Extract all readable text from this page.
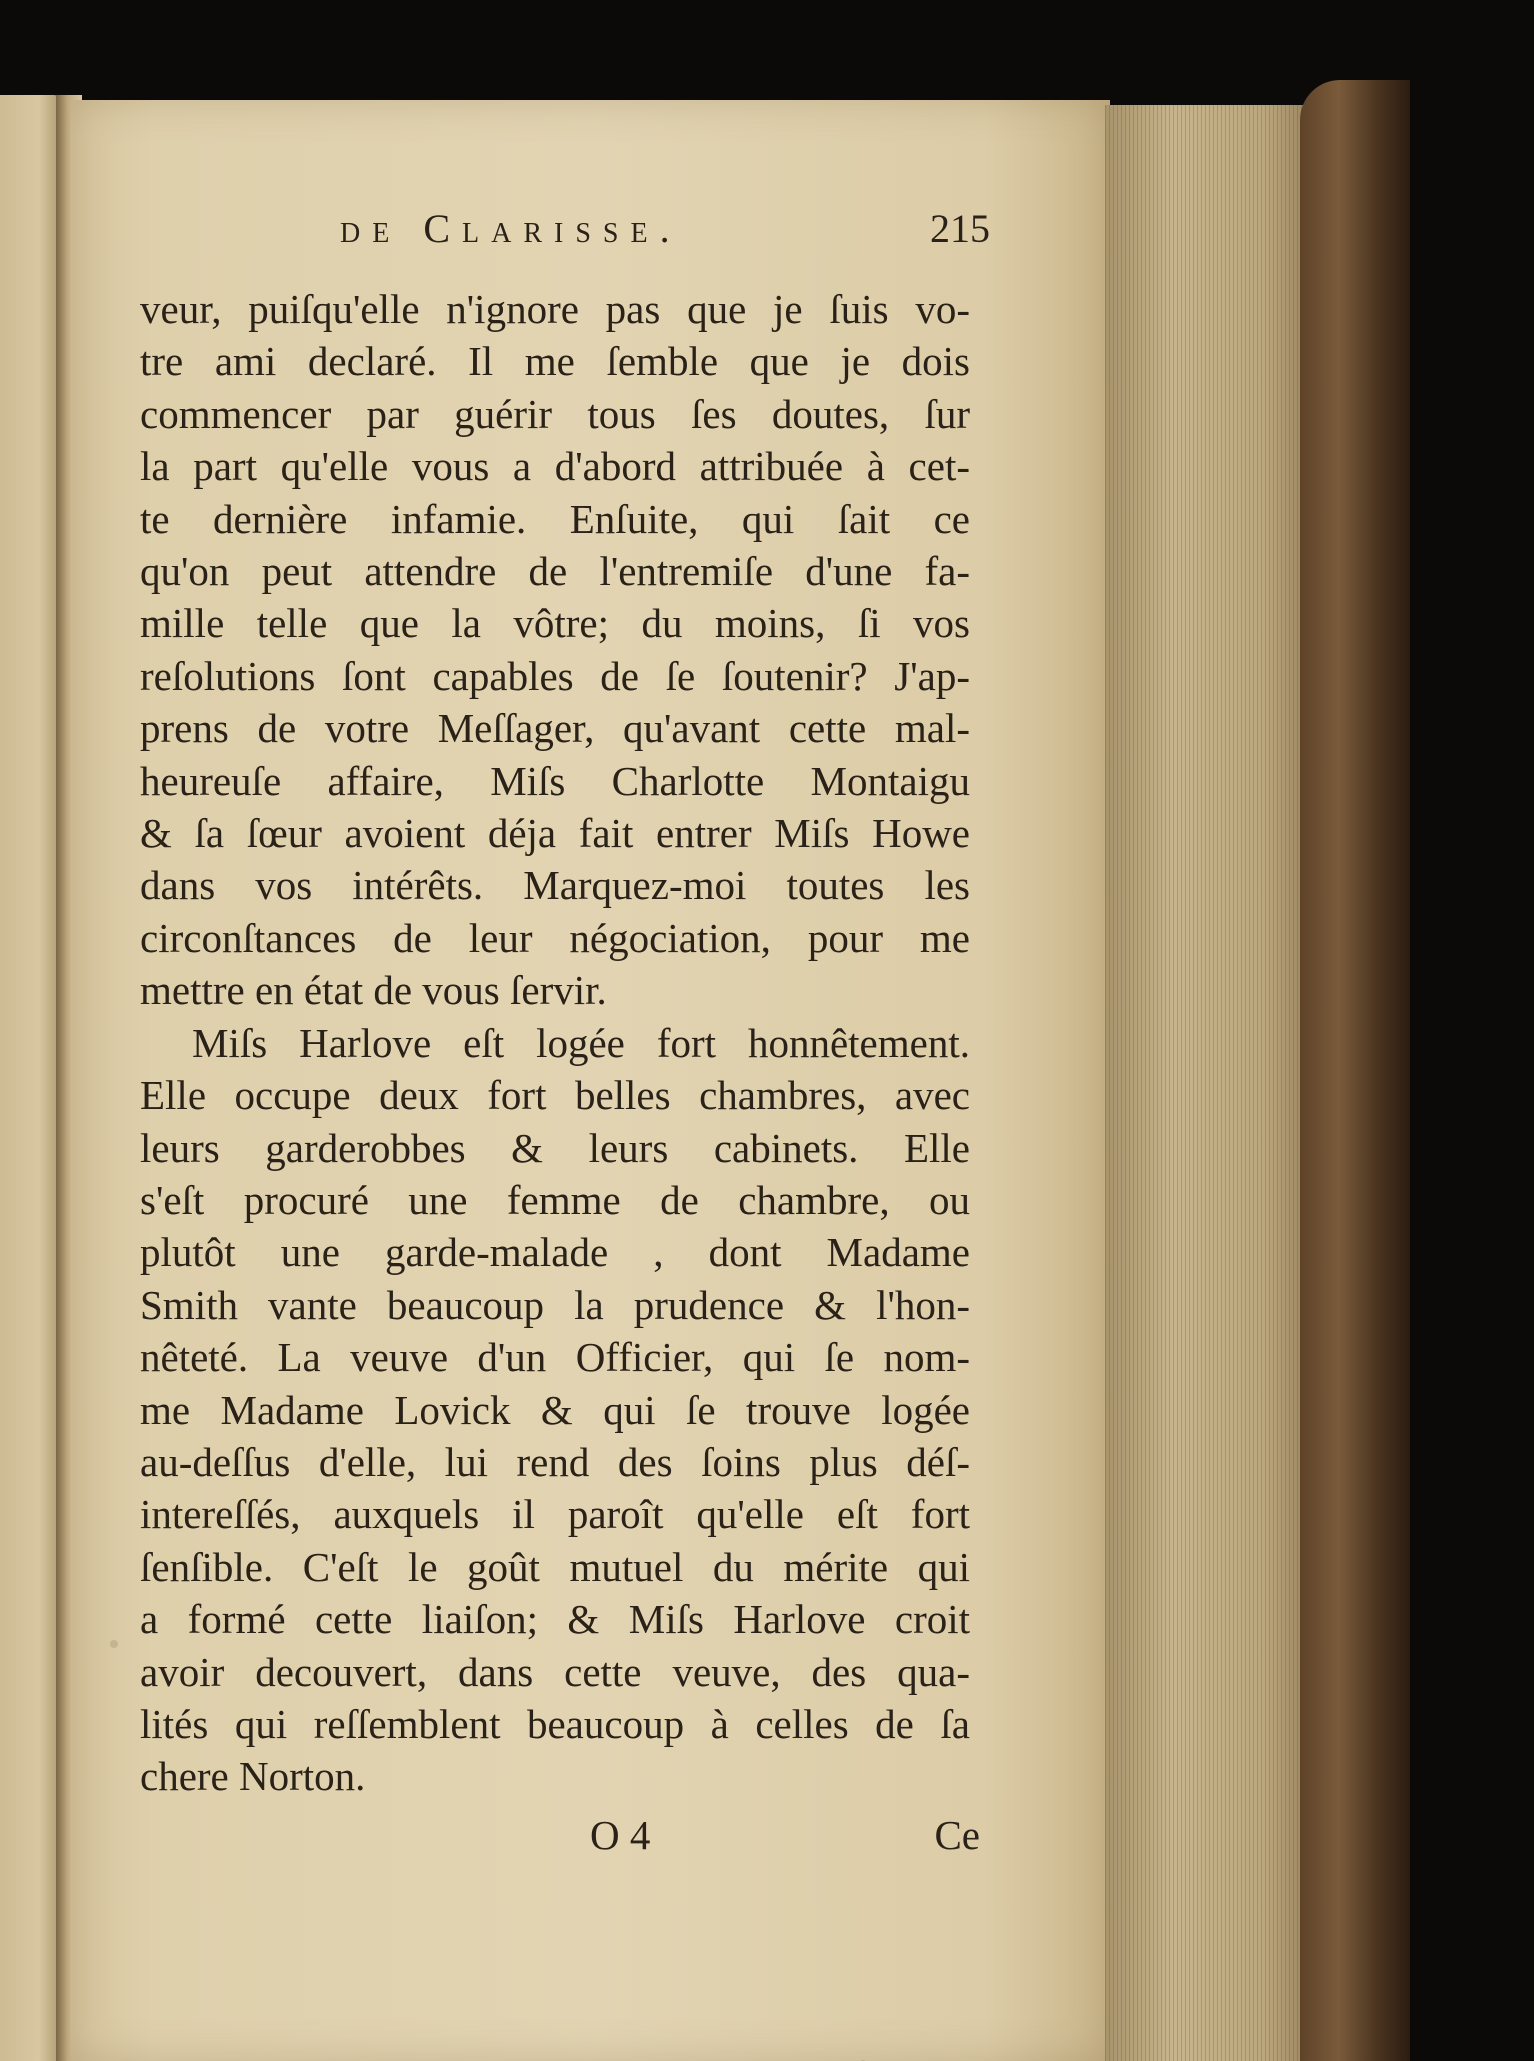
de Clarisse.	215
veur, puiſqu'elle n'ignore pas que je ſuis vo-
tre ami declaré. Il me ſemble que je dois
commencer par guérir tous ſes doutes, ſur
la part qu'elle vous a d'abord attribuée à cet-
te dernière infamie. Enſuite, qui ſait ce
qu'on peut attendre de l'entremiſe d'une fa-
mille telle que la vôtre; du moins, ſi vos
reſolutions ſont capables de ſe ſoutenir? J'ap-
prens de votre Meſſager, qu'avant cette mal-
heureuſe affaire, Miſs Charlotte Montaigu
& ſa ſœur avoient déja fait entrer Miſs Howe
dans vos intérêts. Marquez-moi toutes les
circonſtances de leur négociation, pour me
mettre en état de vous ſervir.
Miſs Harlove eſt logée fort honnêtement.
Elle occupe deux fort belles chambres, avec
leurs garderobbes & leurs cabinets. Elle
s'eſt procuré une femme de chambre, ou
plutôt une garde-malade , dont Madame
Smith vante beaucoup la prudence & l'hon-
nêteté. La veuve d'un Officier, qui ſe nom-
me Madame Lovick & qui ſe trouve logée
au-deſſus d'elle, lui rend des ſoins plus déſ-
intereſſés, auxquels il paroît qu'elle eſt fort
ſenſible. C'eſt le goût mutuel du mérite qui
a formé cette liaiſon; & Miſs Harlove croit
avoir decouvert, dans cette veuve, des qua-
lités qui reſſemblent beaucoup à celles de ſa
chere Norton.
O 4	Ce
